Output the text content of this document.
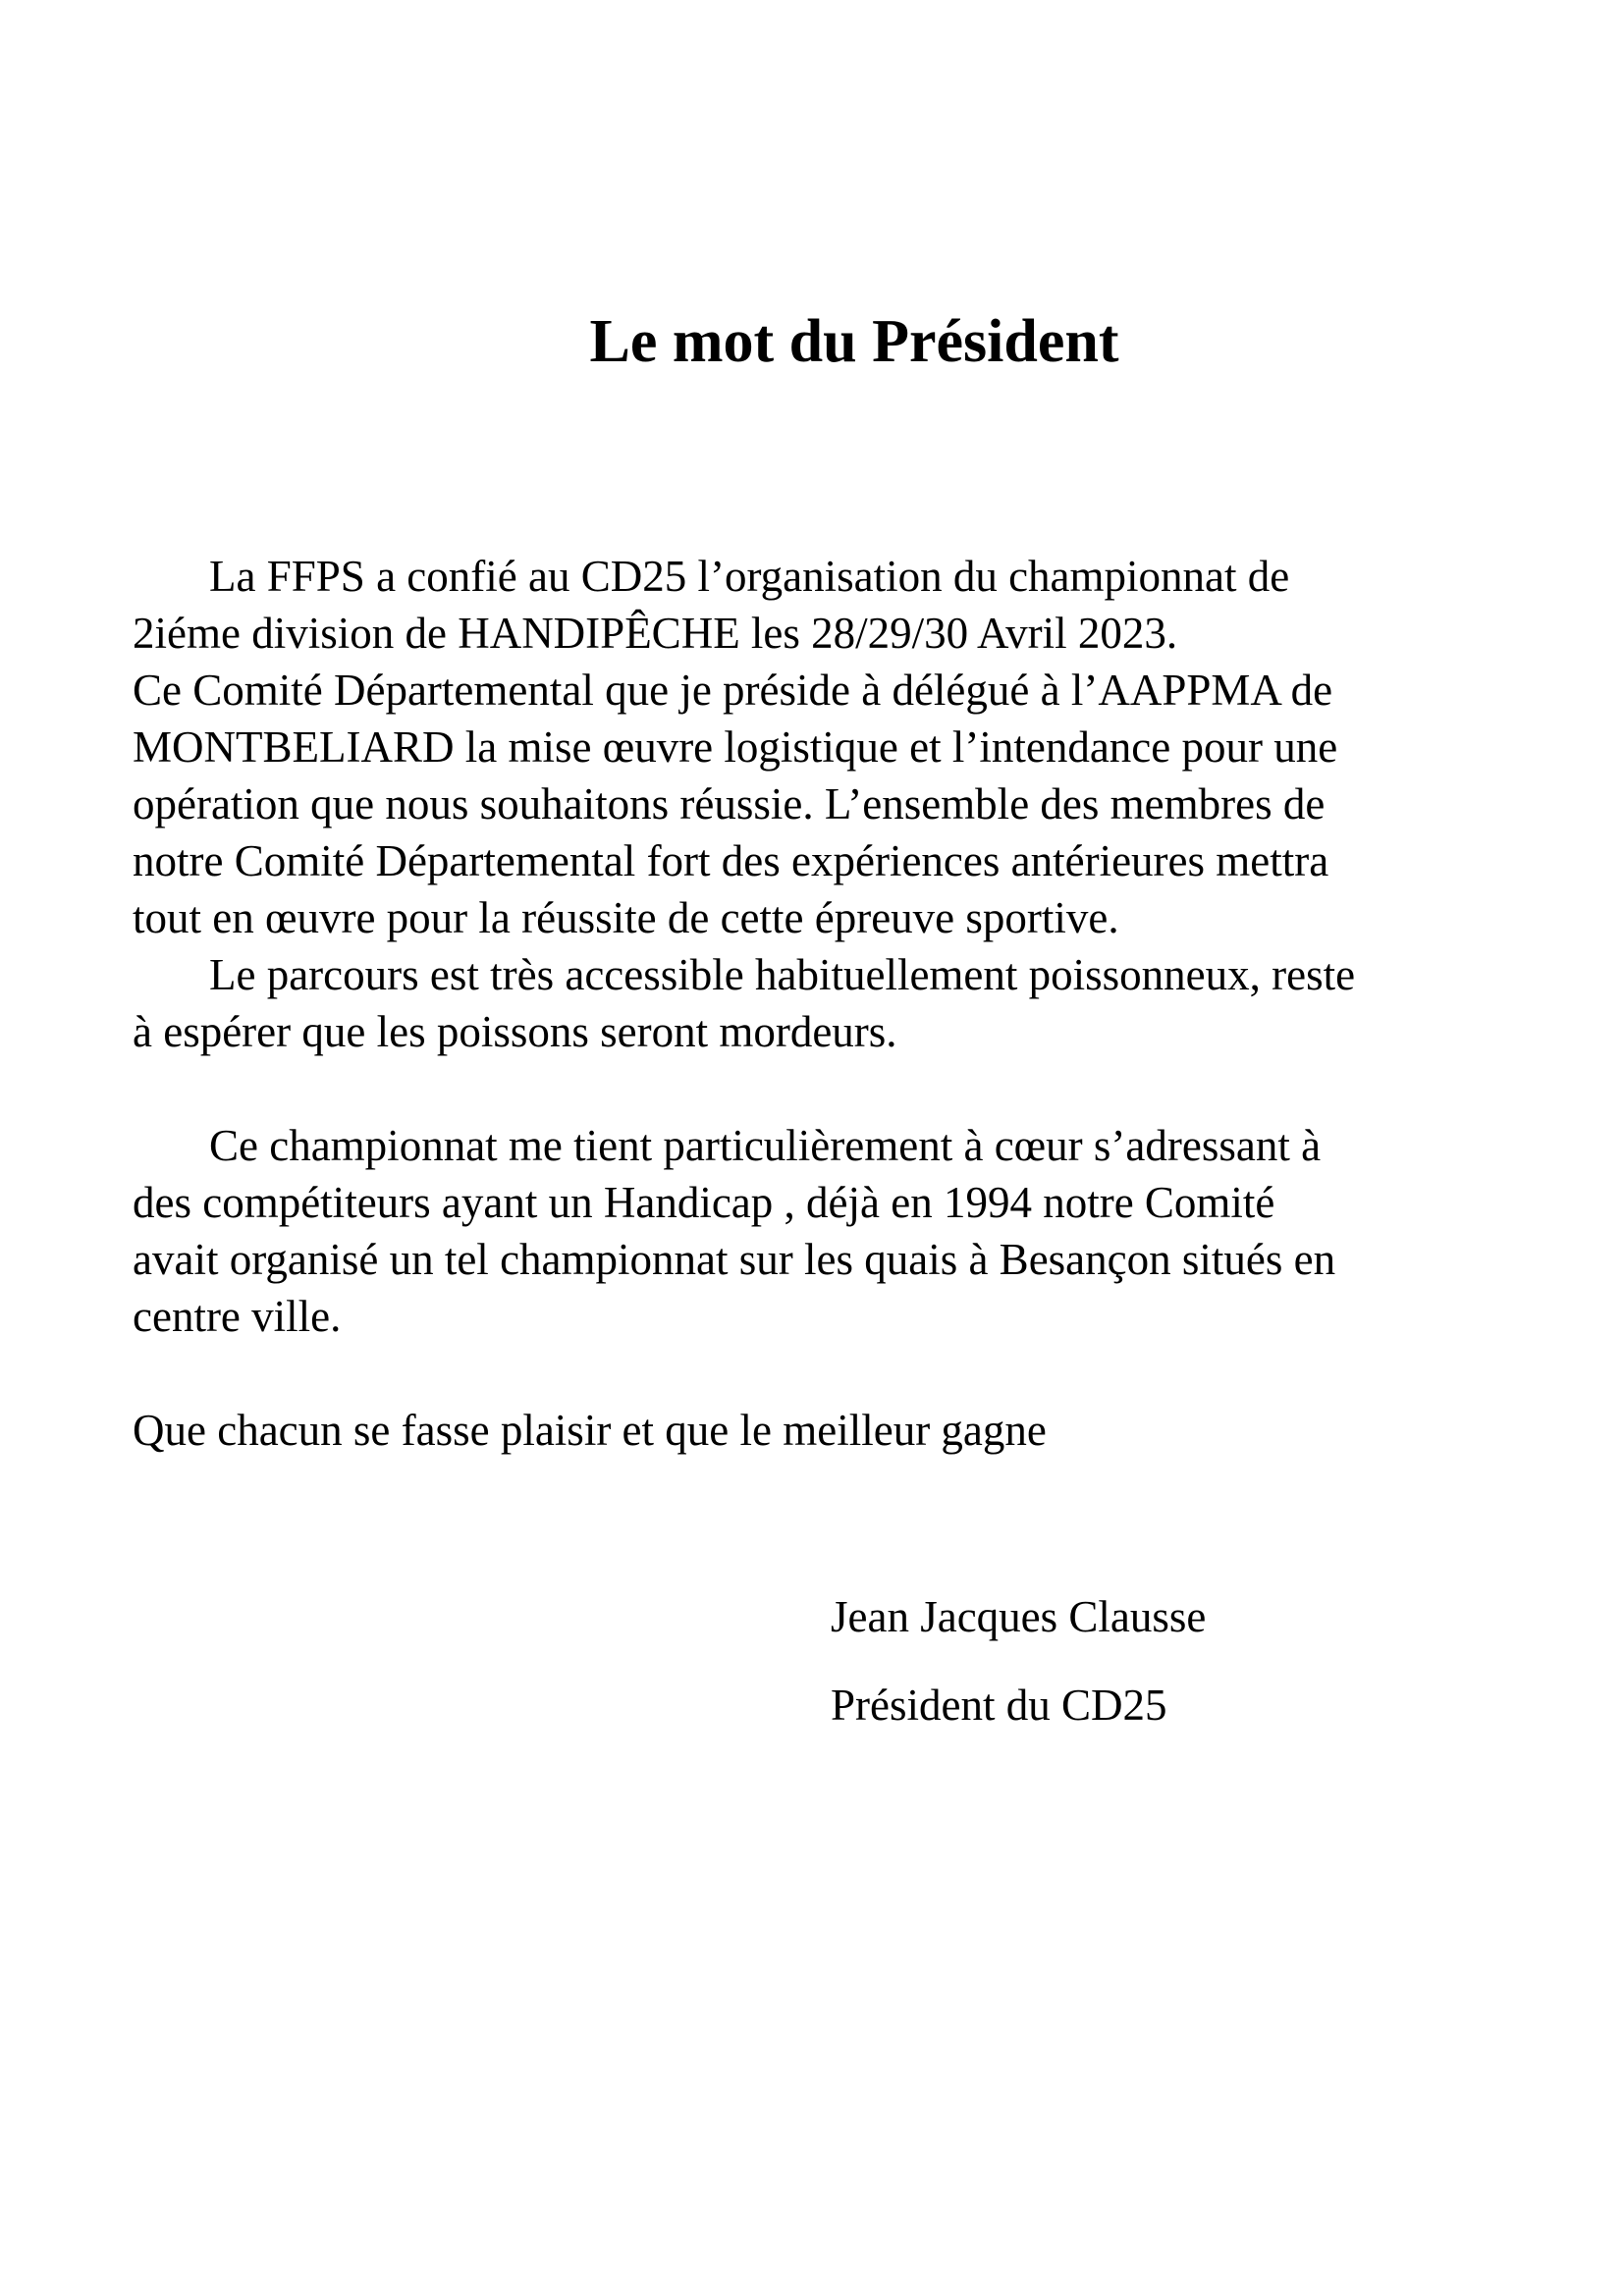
Le mot du Président
La FFPS a confié au CD25 l’organisation du championnat de
2iéme division de HANDIPÊCHE les 28/29/30 Avril 2023.
Ce Comité Départemental que je préside à délégué à l’AAPPMA de
MONTBELIARD la mise œuvre logistique et l’intendance pour une
opération que nous souhaitons réussie. L’ensemble des membres de
notre Comité Départemental fort des expériences antérieures mettra
tout en œuvre pour la réussite de cette épreuve sportive.
Le parcours est très accessible habituellement poissonneux, reste
à espérer que les poissons seront mordeurs.
Ce championnat me tient particulièrement à cœur s’adressant à
des compétiteurs ayant un Handicap , déjà en 1994 notre Comité
avait organisé un tel championnat sur les quais à Besançon situés en
centre ville.
Que chacun se fasse plaisir et que le meilleur gagne
Jean Jacques Clausse
Président du CD25
